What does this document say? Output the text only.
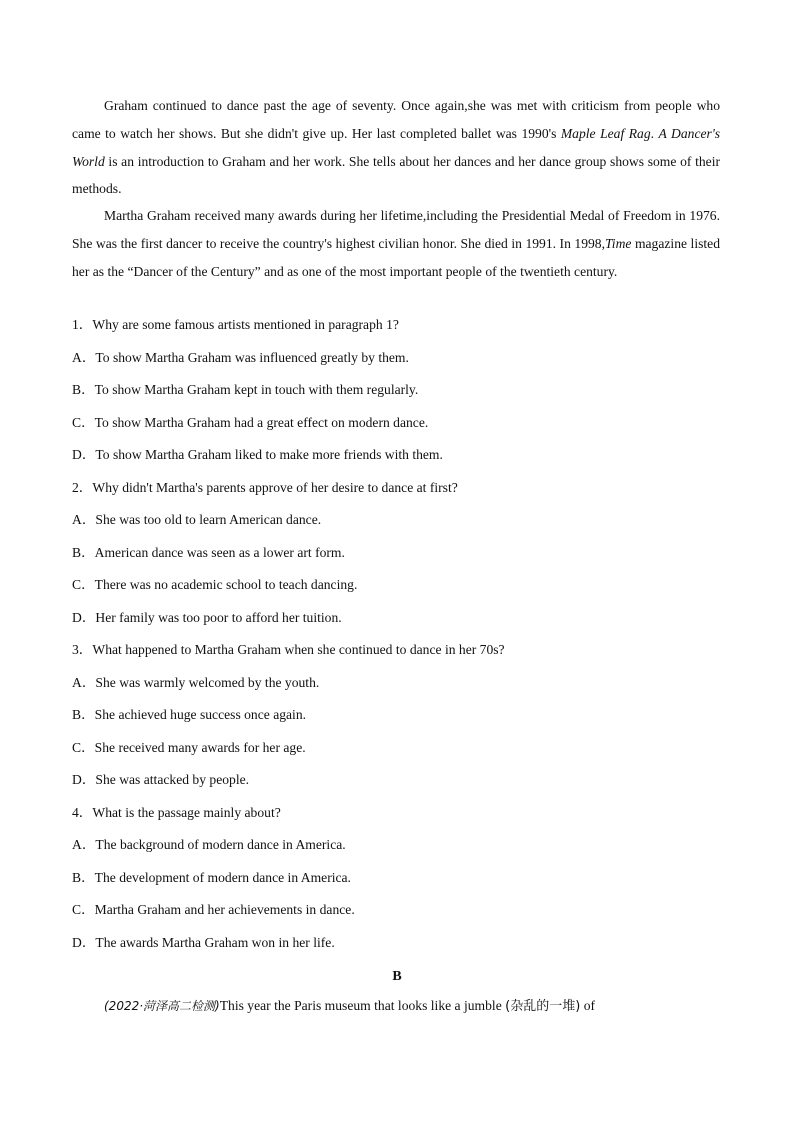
Graham continued to dance past the age of seventy. Once again,she was met with criticism from people who came to watch her shows. But she didn't give up. Her last completed ballet was 1990's Maple Leaf Rag. A Dancer's World is an introduction to Graham and her work. She tells about her dances and her dance group shows some of their methods.

Martha Graham received many awards during her lifetime,including the Presidential Medal of Freedom in 1976. She was the first dancer to receive the country's highest civilian honor. She died in 1991. In 1998,Time magazine listed her as the “Dancer of the Century” and as one of the most important people of the twentieth century.

1．Why are some famous artists mentioned in paragraph 1?
A．To show Martha Graham was influenced greatly by them.
B．To show Martha Graham kept in touch with them regularly.
C．To show Martha Graham had a great effect on modern dance.
D．To show Martha Graham liked to make more friends with them.
2．Why didn't Martha's parents approve of her desire to dance at first?
A．She was too old to learn American dance.
B．American dance was seen as a lower art form.
C．There was no academic school to teach dancing.
D．Her family was too poor to afford her tuition.
3．What happened to Martha Graham when she continued to dance in her 70s?
A．She was warmly welcomed by the youth.
B．She achieved huge success once again.
C．She received many awards for her age.
D．She was attacked by people.
4．What is the passage mainly about?
A．The background of modern dance in America.
B．The development of modern dance in America.
C．Martha Graham and her achievements in dance.
D．The awards Martha Graham won in her life.
B
(2022·菏泽高二检测)This year the Paris museum that looks like a jumble (杂乱的一堆) of
